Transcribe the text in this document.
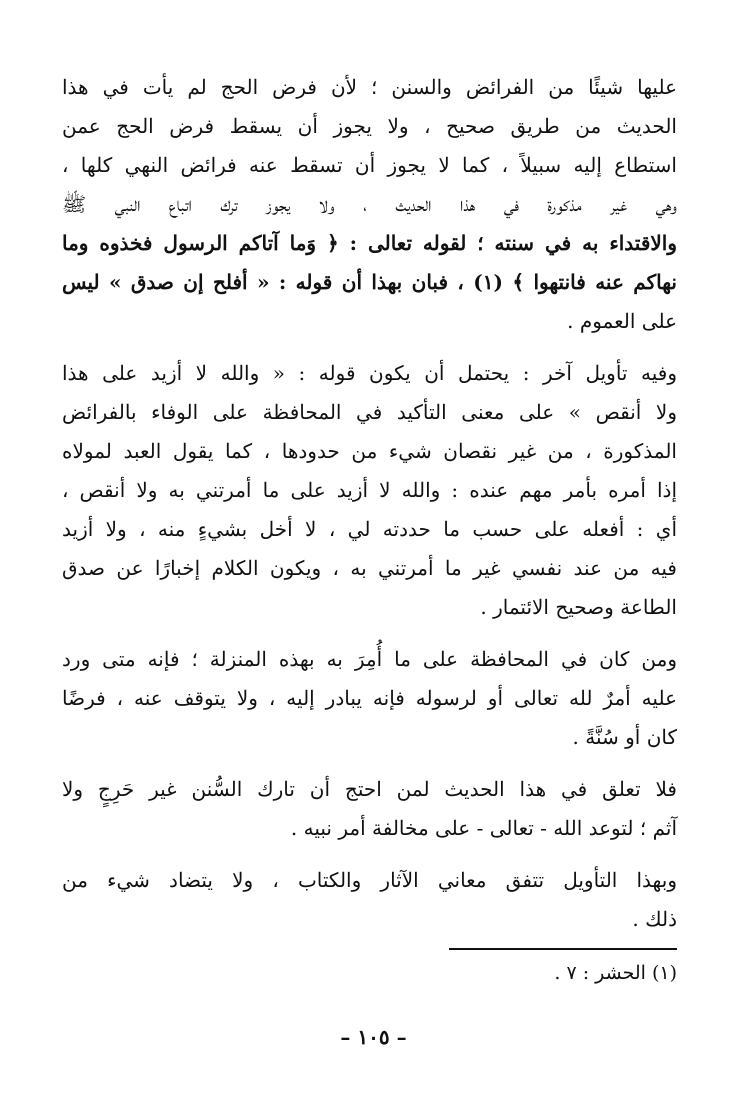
عليها شيئًا من الفرائض والسنن ؛ لأن فرض الحج لم يأت في هذا
الحديث من طريق صحيح ، ولا يجوز أن يسقط فرض الحج عمن
استطاع إليه سبيلاً ، كما لا يجوز أن تسقط عنه فرائض النهي كلها ،
وهي غير مذكورة في هذا الحديث ، ولا يجوز ترك اتباع النبي ﷺ
والاقتداء به في سنته ؛ لقوله تعالى : ﴿ وَما آتاكم الرسول فخذوه وما
نهاكم عنه فانتهوا ﴾ (١) ، فبان بهذا أن قوله : « أفلح إن صدق » ليس
على العموم .

وفيه تأويل آخر : يحتمل أن يكون قوله : « والله لا أزيد على هذا
ولا أنقص » على معنى التأكيد في المحافظة على الوفاء بالفرائض
المذكورة ، من غير نقصان شيء من حدودها ، كما يقول العبد لمولاه
إذا أمره بأمر مهم عنده : والله لا أزيد على ما أمرتني به ولا أنقص ،
أي : أفعله على حسب ما حددته لي ، لا أخل بشيءٍ منه ، ولا أزيد
فيه من عند نفسي غير ما أمرتني به ، ويكون الكلام إخبارًا عن صدق
الطاعة وصحيح الائتمار .

ومن كان في المحافظة على ما أُمِرَ به بهذه المنزلة ؛ فإنه متى ورد
عليه أمرٌ لله تعالى أو لرسوله فإنه يبادر إليه ، ولا يتوقف عنه ، فرضًا
كان أو سُنَّةً .

فلا تعلق في هذا الحديث لمن احتج أن تارك السُّنن غير حَرِجٍ ولا
آثم ؛ لتوعد الله - تعالى - على مخالفة أمر نبيه .

وبهذا التأويل تتفق معاني الآثار والكتاب ، ولا يتضاد شيء من
ذلك .

(١) الحشر : ٧ .
– ١٠٥ –
